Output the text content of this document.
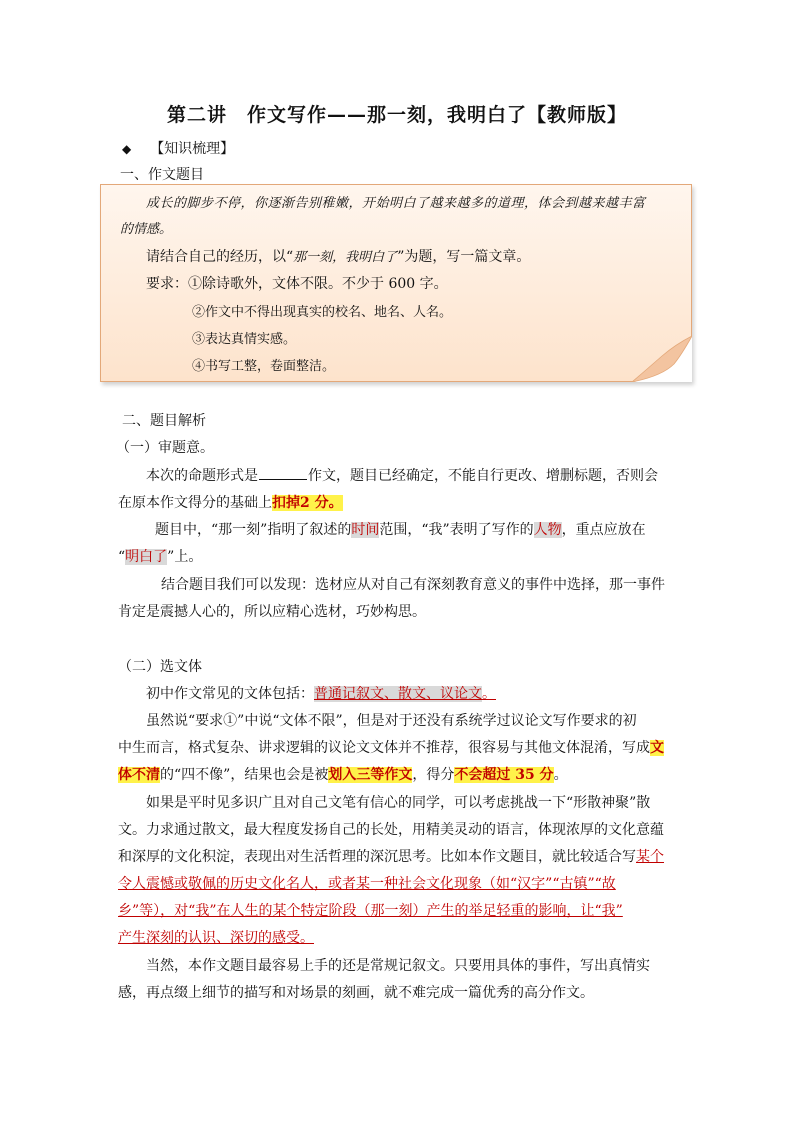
第二讲　作文写作——那一刻，我明白了【教师版】
◆ 【知识梳理】
一、作文题目
成长的脚步不停，你逐渐告别稚嫩，开始明白了越来越多的道理，体会到越来越丰富
的情感。
请结合自己的经历，以“那一刻，我明白了”为题，写一篇文章。
要求：①除诗歌外，文体不限。不少于 600 字。
②作文中不得出现真实的校名、地名、人名。
③表达真情实感。
④书写工整，卷面整洁。
二、题目解析
（一）审题意。
本次的命题形式是	作文，题目已经确定，不能自行更改、增删标题，否则会
在原本作文得分的基础上扣掉2 分。
题目中，“那一刻”指明了叙述的时间范围，“我”表明了写作的人物，重点应放在
“明白了”上。
结合题目我们可以发现：选材应从对自己有深刻教育意义的事件中选择，那一事件
肯定是震撼人心的，所以应精心选材，巧妙构思。
（二）选文体
初中作文常见的文体包括：普通记叙文、散文、议论文。
虽然说“要求①”中说“文体不限”，但是对于还没有系统学过议论文写作要求的初
中生而言，格式复杂、讲求逻辑的议论文文体并不推荐，很容易与其他文体混淆，写成文
体不清的“四不像”，结果也会是被划入三等作文，得分不会超过 35 分。
如果是平时见多识广且对自己文笔有信心的同学，可以考虑挑战一下“形散神聚”散
文。力求通过散文，最大程度发扬自己的长处，用精美灵动的语言，体现浓厚的文化意蕴
和深厚的文化积淀，表现出对生活哲理的深沉思考。比如本作文题目，就比较适合写某个
令人震憾或敬佩的历史文化名人，或者某一种社会文化现象（如“汉字”“古镇”“故
乡”等），对“我”在人生的某个特定阶段（那一刻）产生的举足轻重的影响，让“我”
产生深刻的认识、深切的感受。
当然，本作文题目最容易上手的还是常规记叙文。只要用具体的事件，写出真情实
感，再点缀上细节的描写和对场景的刻画，就不难完成一篇优秀的高分作文。
